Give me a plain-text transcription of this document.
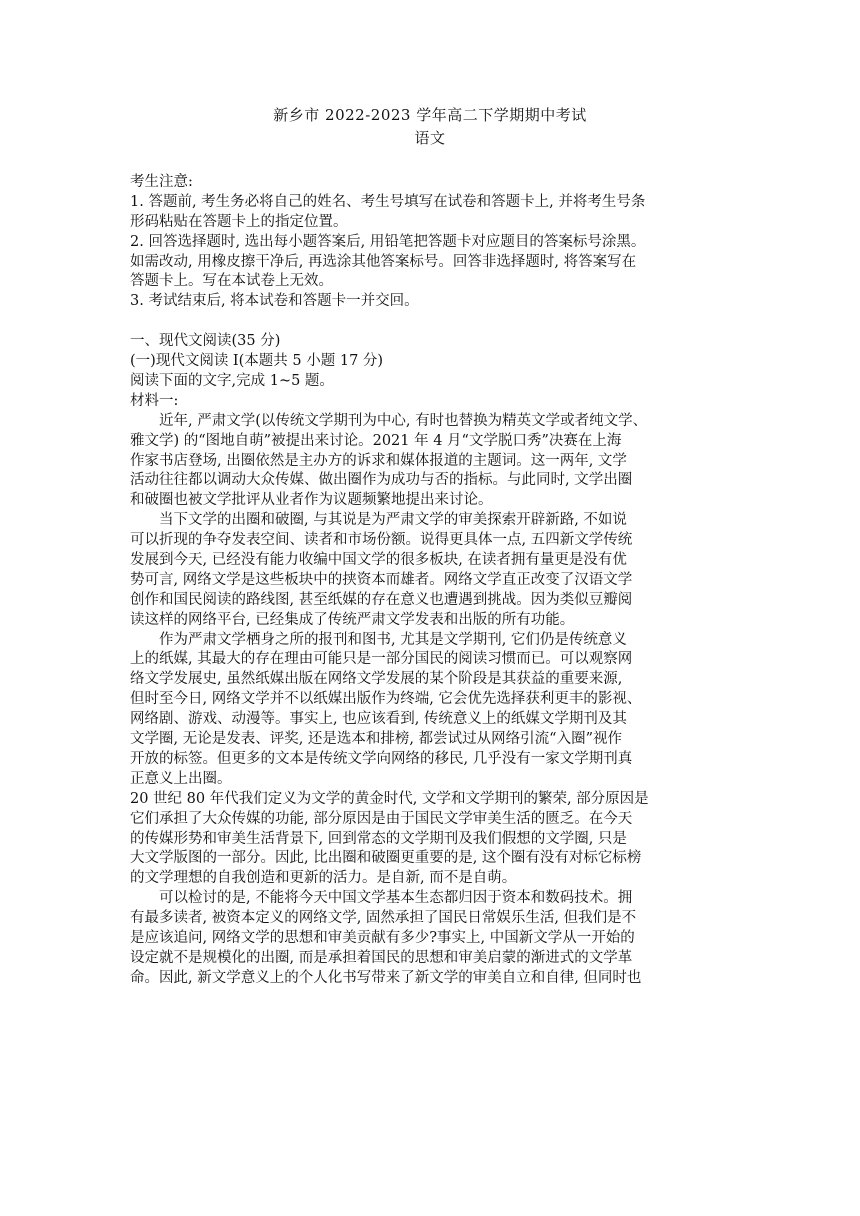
新乡市 2022-2023 学年高二下学期期中考试
语文
考生注意:
1. 答题前, 考生务必将自己的姓名、考生号填写在试卷和答题卡上, 并将考生号条
形码粘贴在答题卡上的指定位置。
2. 回答选择题时, 选出每小题答案后, 用铅笔把答题卡对应题目的答案标号涂黑。
如需改动, 用橡皮擦干净后, 再选涂其他答案标号。回答非选择题时, 将答案写在
答题卡上。写在本试卷上无效。
3. 考试结束后, 将本试卷和答题卡一并交回。
一、现代文阅读(35 分)
(一)现代文阅读 I(本题共 5 小题 17 分)
阅读下面的文字,完成 1~5 题。
材料一:
近年, 严肃文学(以传统文学期刊为中心, 有时也替换为精英文学或者纯文学、
雅文学) 的“图地自萌”被提出来讨论。2021 年 4 月“文学脱口秀”决赛在上海
作家书店登场, 出圈依然是主办方的诉求和媒体报道的主题词。这一两年, 文学
活动往往都以调动大众传媒、做出圈作为成功与否的指标。与此同时, 文学出圈
和破圈也被文学批评从业者作为议题频繁地提出来讨论。
当下文学的出圈和破圈, 与其说是为严肃文学的审美探索开辟新路, 不如说
可以折现的争夺发表空间、读者和市场份额。说得更具体一点, 五四新文学传统
发展到今天, 已经没有能力收编中国文学的很多板块, 在读者拥有量更是没有优
势可言, 网络文学是这些板块中的挟资本而雄者。网络文学直正改变了汉语文学
创作和国民阅读的路线图, 甚至纸媒的存在意义也遭遇到挑战。因为类似豆瓣阅
读这样的网络平台, 已经集成了传统严肃文学发表和出版的所有功能。
作为严肃文学栖身之所的报刊和图书, 尤其是文学期刊, 它们仍是传统意义
上的纸媒, 其最大的存在理由可能只是一部分国民的阅读习惯而已。可以观察网
络文学发展史, 虽然纸媒出版在网络文学发展的某个阶段是其获益的重要来源,
但时至今日, 网络文学并不以纸媒出版作为终端, 它会优先选择获利更丰的影视、
网络剧、游戏、动漫等。事实上, 也应该看到, 传统意义上的纸媒文学期刊及其
文学圈, 无论是发表、评奖, 还是选本和排榜, 都尝试过从网络引流“入圈”视作
开放的标签。但更多的文本是传统文学向网络的移民, 几乎没有一家文学期刊真
正意义上出圈。
20 世纪 80 年代我们定义为文学的黄金时代, 文学和文学期刊的繁荣, 部分原因是
它们承担了大众传媒的功能, 部分原因是由于国民文学审美生活的匮乏。在今天
的传媒形势和审美生活背景下, 回到常态的文学期刊及我们假想的文学圈, 只是
大文学版图的一部分。因此, 比出圈和破圈更重要的是, 这个圈有没有对标它标榜
的文学理想的自我创造和更新的活力。是自新, 而不是自萌。
可以检讨的是, 不能将今天中国文学基本生态都归因于资本和数码技术。拥
有最多读者, 被资本定义的网络文学, 固然承担了国民日常娱乐生活, 但我们是不
是应该追问, 网络文学的思想和审美贡献有多少?事实上, 中国新文学从一开始的
设定就不是规模化的出圈, 而是承担着国民的思想和审美启蒙的渐进式的文学革
命。因此, 新文学意义上的个人化书写带来了新文学的审美自立和自律, 但同时也
